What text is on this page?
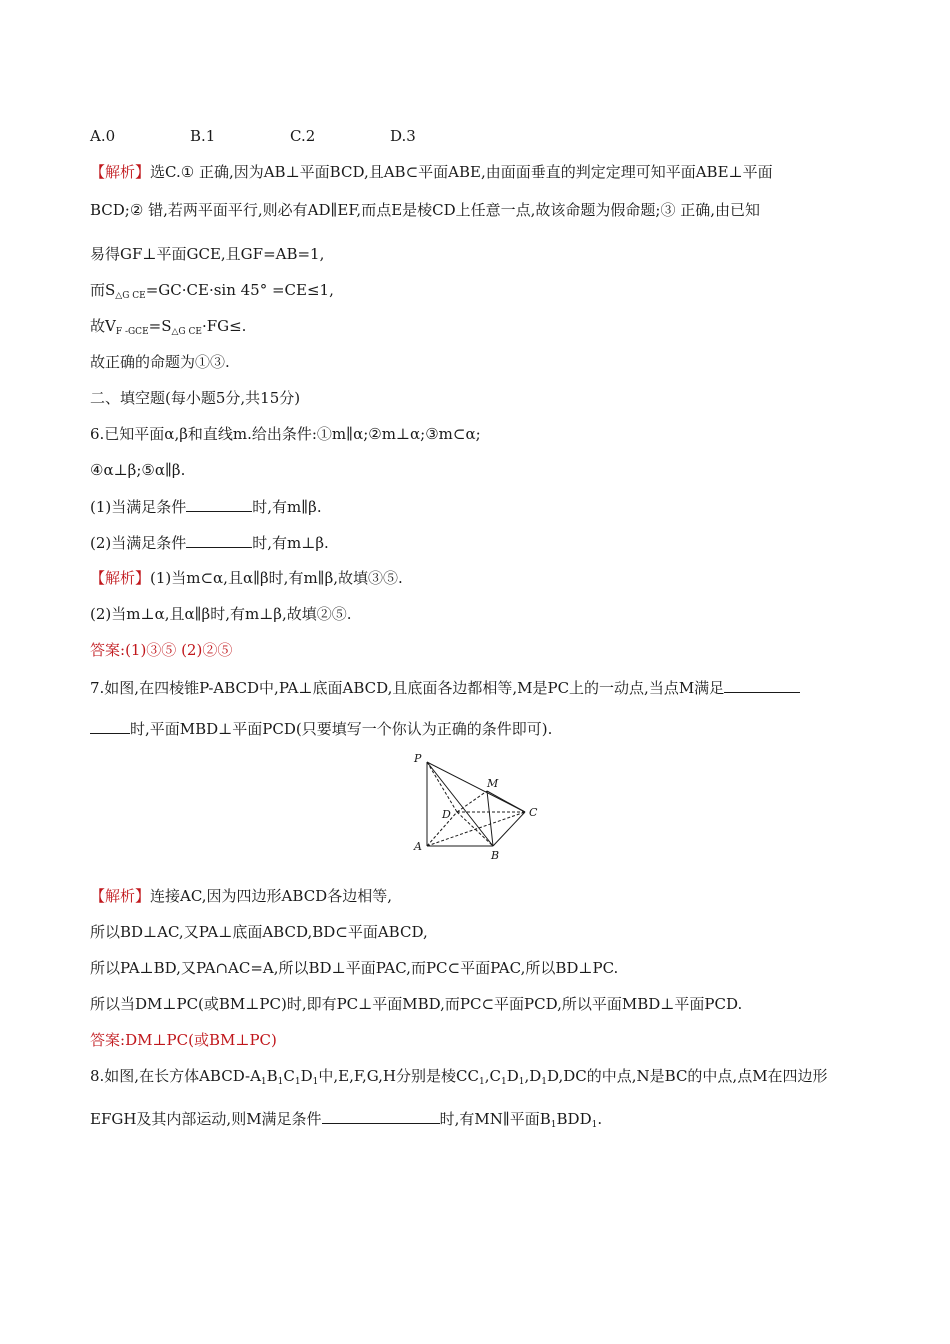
A.0	B.1	C.2	D.3
【解析】选C.① 正确,因为AB⊥平面BCD,且AB⊂平面ABE,由面面垂直的判定定理可知平面ABE⊥平面
BCD;② 错,若两平面平行,则必有AD∥EF,而点E是棱CD上任意一点,故该命题为假命题;③ 正确,由已知
易得GF⊥平面GCE,且GF=AB=1,
而$S_{\triangle G CE}=GC\cdot CE\cdot\sin$ 45° =CE≤1,
故$V_{F -GCE}=S_{\triangle G CE}\cdot FG\le$.
故正确的命题为①③.
二、填空题(每小题5分,共15分)
6.已知平面α,β和直线m.给出条件:①m∥α;②m⊥α;③m⊂α;
④α⊥β;⑤α∥β.
(1)当满足条件	时,有m∥β.
(2)当满足条件	时,有m⊥β.
【解析】(1)当m⊂α,且α∥β时,有m∥β,故填③⑤.
(2)当m⊥α,且α∥β时,有m⊥β,故填②⑤.
答案:(1)③⑤ (2)②⑤
7.如图,在四棱锥P-ABCD中,PA⊥底面ABCD,且底面各边都相等,M是PC上的一动点,当点M满足
时,平面MBD⊥平面PCD(只要填写一个你认为正确的条件即可).
P
M
C
D
A
B
【解析】连接AC,因为四边形ABCD各边相等,
所以BD⊥AC,又PA⊥底面ABCD,BD⊂平面ABCD,
所以PA⊥BD,又PA∩AC=A,所以BD⊥平面PAC,而PC⊂平面PAC,所以BD⊥PC.
所以当DM⊥PC(或BM⊥PC)时,即有PC⊥平面MBD,而PC⊂平面PCD,所以平面MBD⊥平面PCD.
答案:DM⊥PC(或BM⊥PC)
8.如图,在长方体ABCD-$A_1B_1C_1D_1$中,E,F,G,H分别是棱$CC_1,C_1D_1,D_1D,DC$的中点,N是BC的中点,点M在四边形
EFGH及其内部运动,则M满足条件	时,有MN∥平面$B_1BDD_1$.
